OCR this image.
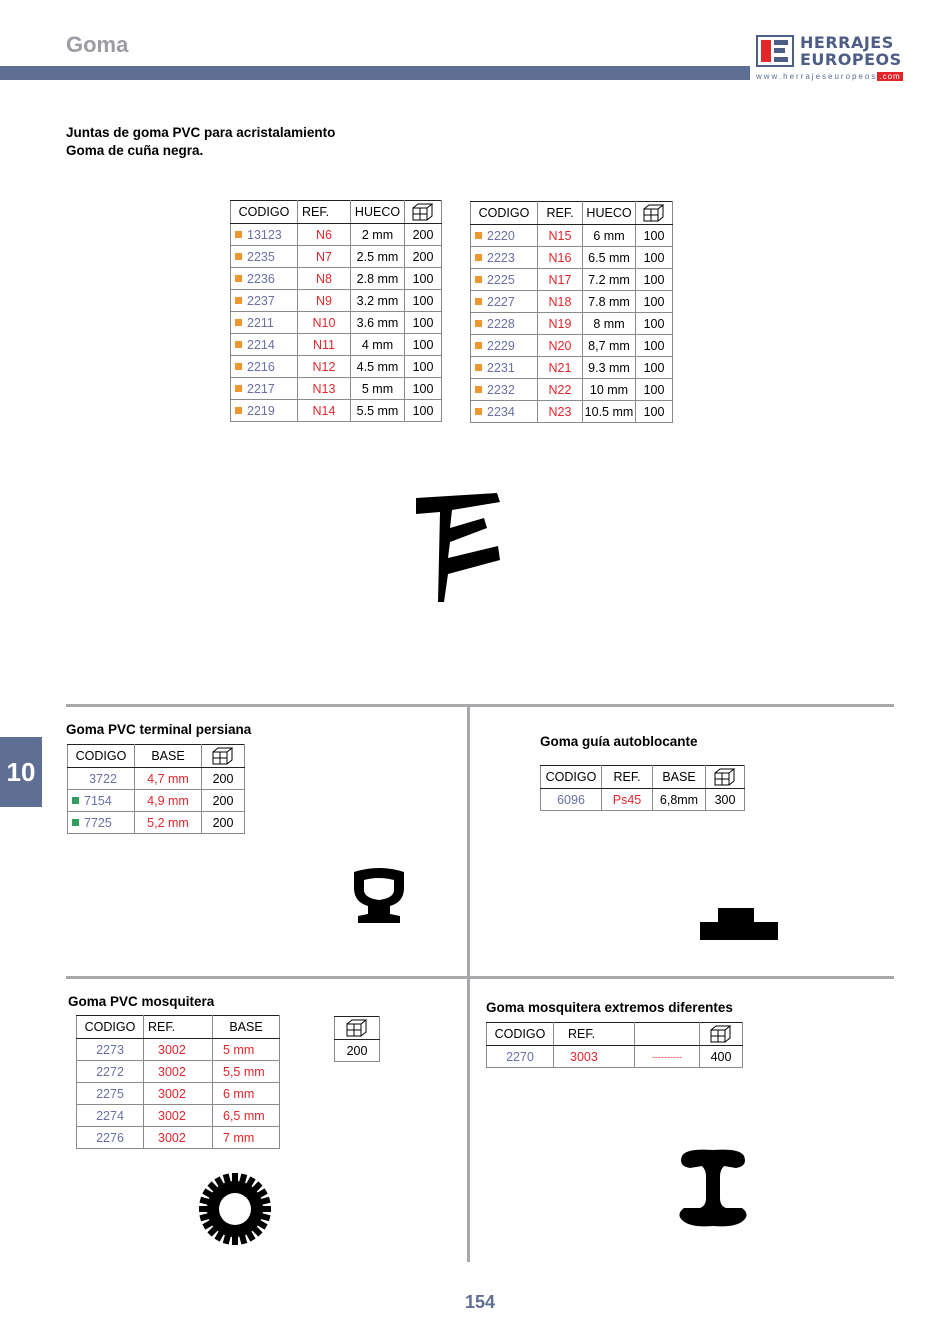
Goma	HERRAJES
EUROPEOS
www.herrajeseuropeos .com
Juntas de goma PVC para acristalamiento
Goma de cuña negra.
CODIGO	REF.	HUECO	
13123	N6	2 mm	200
2235	N7	2.5 mm	200
2236	N8	2.8 mm	100
2237	N9	3.2 mm	100
2211	N10	3.6 mm	100
2214	N11	4 mm	100
2216	N12	4.5 mm	100
2217	N13	5 mm	100
2219	N14	5.5 mm	100
CODIGO	REF.	HUECO	
2220	N15	6 mm	100
2223	N16	6.5 mm	100
2225	N17	7.2 mm	100
2227	N18	7.8 mm	100
2228	N19	8 mm	100
2229	N20	8,7 mm	100
2231	N21	9.3 mm	100
2232	N22	10 mm	100
2234	N23	10.5 mm	100
10
Goma PVC terminal persiana
CODIGO	BASE	
3722	4,7 mm	200
7154	4,9 mm	200
7725	5,2 mm	200
Goma guía autoblocante
CODIGO	REF.	BASE	
6096	Ps45	6,8mm	300
Goma PVC mosquitera
CODIGO	REF.	BASE
2273	3002	5 mm
2272	3002	5,5 mm
2275	3002	6 mm
2274	3002	6,5 mm
2276	3002	7 mm

200
Goma mosquitera extremos diferentes
CODIGO	REF.		
2270	3003	----------	400
154
